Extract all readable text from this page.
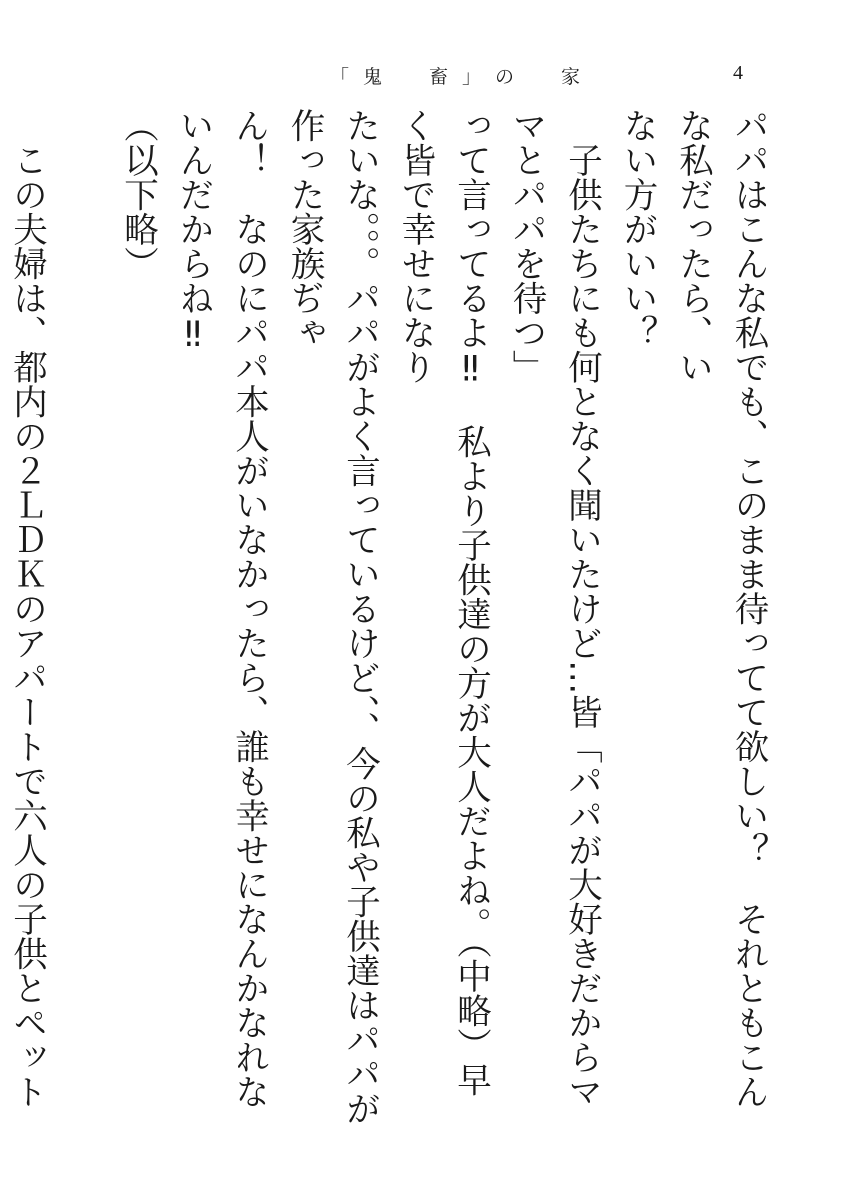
「鬼　畜」の　家	4

パパはこんな私でも、このまま待ってて欲しい？　それともこんな私だったら、い

ない方がいい？

　子供たちにも何となく聞いたけど…皆「パパが大好きだからママとパパを待つ」

って言ってるよ‼　私より子供達の方が大人だよね。（中略）早く皆で幸せになり

たいな。。。パパがよく言っているけど、、今の私や子供達はパパが作った家族ぢゃ

ん！　なのにパパ本人がいなかったら、誰も幸せになんかなれないんだからね‼

（以下略）

　この夫婦は、都内の２ＬＤＫのアパートで六人の子供とペット
